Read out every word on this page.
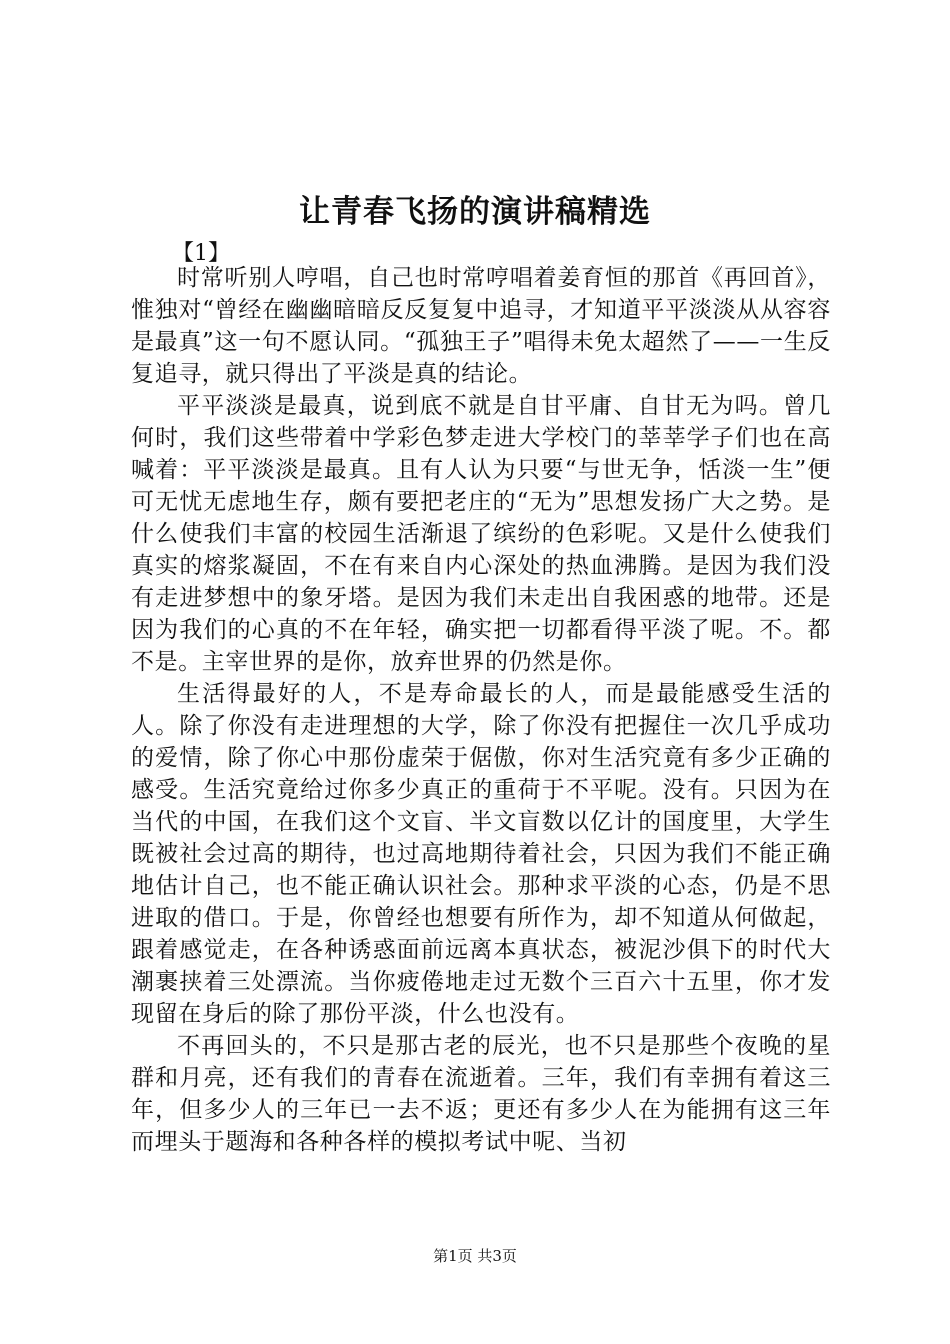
让青春飞扬的演讲稿精选

【1】

时常听别人哼唱，自己也时常哼唱着姜育恒的那首《再回首》，惟独对“曾经在幽幽暗暗反反复复中追寻，才知道平平淡淡从从容容是最真”这一句不愿认同。“孤独王子”唱得未免太超然了——一生反复追寻，就只得出了平淡是真的结论。

平平淡淡是最真，说到底不就是自甘平庸、自甘无为吗。曾几何时，我们这些带着中学彩色梦走进大学校门的莘莘学子们也在高喊着：平平淡淡是最真。且有人认为只要“与世无争，恬淡一生”便可无忧无虑地生存，颇有要把老庄的“无为”思想发扬广大之势。是什么使我们丰富的校园生活渐退了缤纷的色彩呢。又是什么使我们真实的熔浆凝固，不在有来自内心深处的热血沸腾。是因为我们没有走进梦想中的象牙塔。是因为我们未走出自我困惑的地带。还是因为我们的心真的不在年轻，确实把一切都看得平淡了呢。不。都不是。主宰世界的是你，放弃世界的仍然是你。

生活得最好的人，不是寿命最长的人，而是最能感受生活的人。除了你没有走进理想的大学，除了你没有把握住一次几乎成功的爱情，除了你心中那份虚荣于倨傲，你对生活究竟有多少正确的感受。生活究竟给过你多少真正的重荷于不平呢。没有。只因为在当代的中国，在我们这个文盲、半文盲数以亿计的国度里，大学生既被社会过高的期待，也过高地期待着社会，只因为我们不能正确地估计自己，也不能正确认识社会。那种求平淡的心态，仍是不思进取的借口。于是，你曾经也想要有所作为，却不知道从何做起，跟着感觉走，在各种诱惑面前远离本真状态，被泥沙俱下的时代大潮裹挟着三处漂流。当你疲倦地走过无数个三百六十五里，你才发现留在身后的除了那份平淡，什么也没有。

不再回头的，不只是那古老的辰光，也不只是那些个夜晚的星群和月亮，还有我们的青春在流逝着。三年，我们有幸拥有着这三年，但多少人的三年已一去不返；更还有多少人在为能拥有这三年而埋头于题海和各种各样的模拟考试中呢、当初

第1页 共3页
